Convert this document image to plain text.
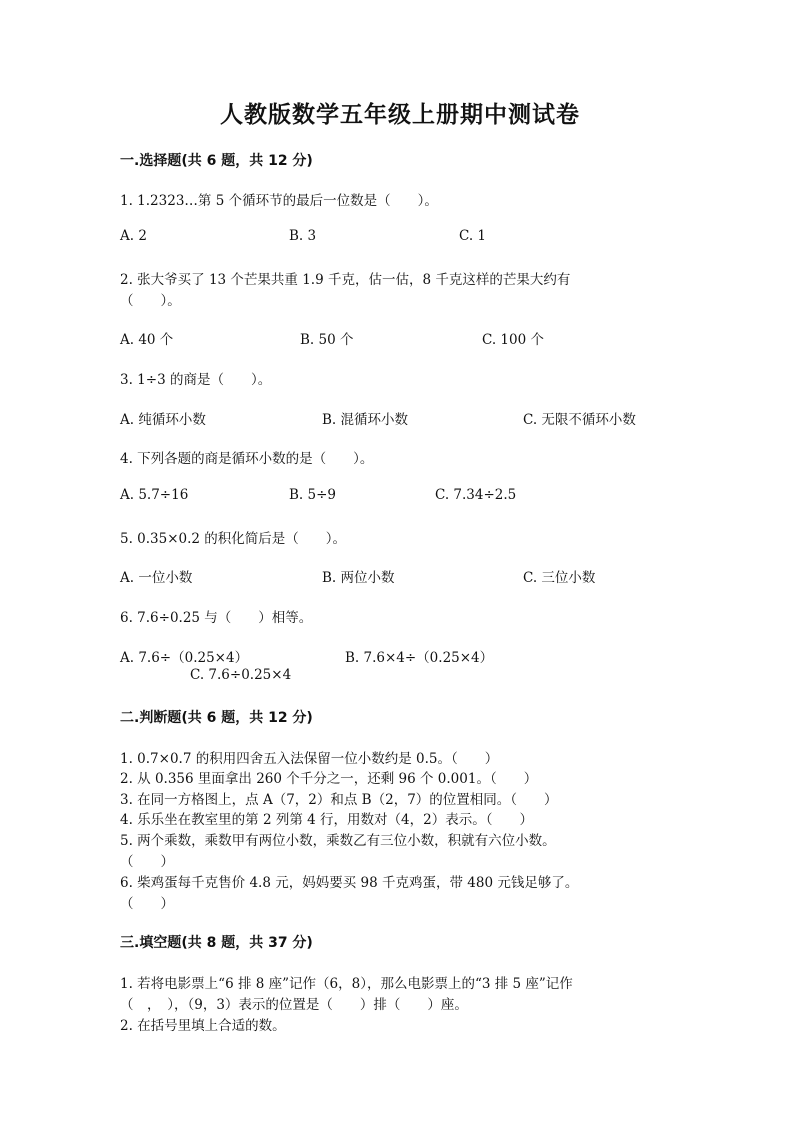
人教版数学五年级上册期中测试卷
一.选择题(共 6 题，共 12 分)
1. 1.2323…第 5 个循环节的最后一位数是（　　）。
A. 2	B. 3	C. 1
2. 张大爷买了 13 个芒果共重 1.9 千克，估一估，8 千克这样的芒果大约有
（　　）。
A. 40 个	B. 50 个	C. 100 个
3. 1÷3 的商是（　　）。
A. 纯循环小数	B. 混循环小数	C. 无限不循环小数
4. 下列各题的商是循环小数的是（　　）。
A. 5.7÷16	B. 5÷9	C. 7.34÷2.5
5. 0.35×0.2 的积化简后是（　　）。
A. 一位小数	B. 两位小数	C. 三位小数
6. 7.6÷0.25 与（　　）相等。
A. 7.6÷（0.25×4）	B. 7.6×4÷（0.25×4）
C. 7.6÷0.25×4
二.判断题(共 6 题，共 12 分)
1. 0.7×0.7 的积用四舍五入法保留一位小数约是 0.5。（　　）
2. 从 0.356 里面拿出 260 个千分之一，还剩 96 个 0.001。（　　）
3. 在同一方格图上，点 A（7，2）和点 B（2，7）的位置相同。（　　）
4. 乐乐坐在教室里的第 2 列第 4 行，用数对（4，2）表示。（　　）
5. 两个乘数，乘数甲有两位小数，乘数乙有三位小数，积就有六位小数。
（　　）
6. 柴鸡蛋每千克售价 4.8 元，妈妈要买 98 千克鸡蛋，带 480 元钱足够了。
（　　）
三.填空题(共 8 题，共 37 分)
1. 若将电影票上“6 排 8 座”记作（6，8），那么电影票上的“3 排 5 座”记作
（　，　），（9，3）表示的位置是（　　）排（　　）座。
2. 在括号里填上合适的数。
